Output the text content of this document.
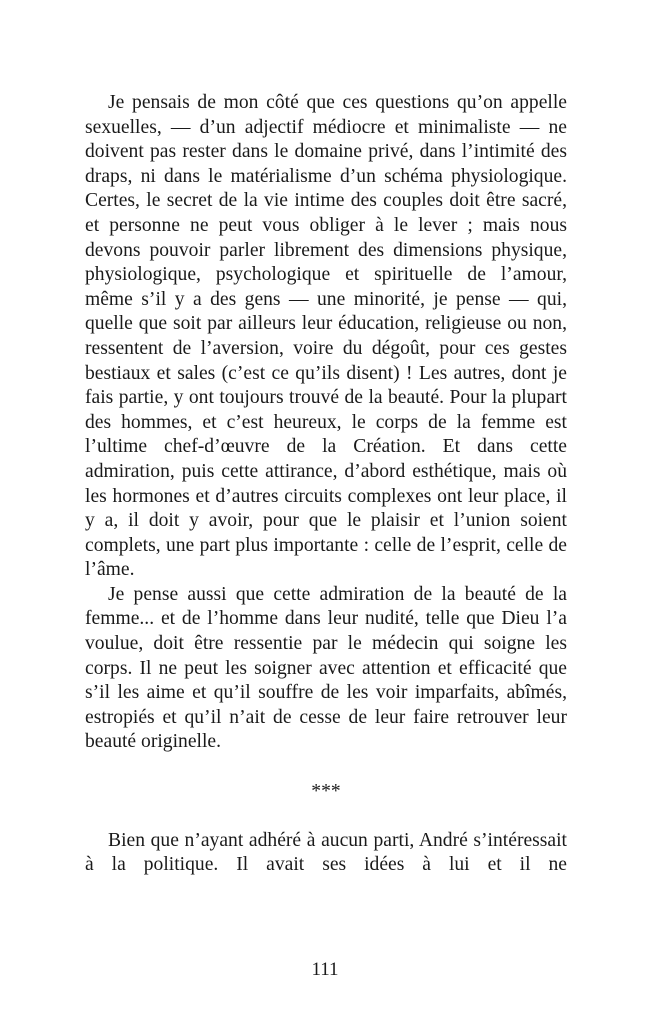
Je pensais de mon côté que ces questions qu’on appelle sexuelles, — d’un adjectif médiocre et minimaliste — ne doivent pas rester dans le domaine privé, dans l’intimité des draps, ni dans le matérialisme d’un schéma physiologique. Certes, le secret de la vie intime des couples doit être sacré, et personne ne peut vous obliger à le lever ; mais nous devons pouvoir parler librement des dimensions physique, physiologique, psychologique et spirituelle de l’amour, même s’il y a des gens — une minorité, je pense — qui, quelle que soit par ailleurs leur éducation, religieuse ou non, ressentent de l’aversion, voire du dégoût, pour ces gestes bestiaux et sales (c’est ce qu’ils disent) ! Les autres, dont je fais partie, y ont toujours trouvé de la beauté. Pour la plupart des hommes, et c’est heureux, le corps de la femme est l’ultime chef-d’œuvre de la Création. Et dans cette admiration, puis cette attirance, d’abord esthétique, mais où les hormones et d’autres circuits complexes ont leur place, il y a, il doit y avoir, pour que le plaisir et l’union soient complets, une part plus importante : celle de l’esprit, celle de l’âme.

Je pense aussi que cette admiration de la beauté de la femme... et de l’homme dans leur nudité, telle que Dieu l’a voulue, doit être ressentie par le médecin qui soigne les corps. Il ne peut les soigner avec attention et efficacité que s’il les aime et qu’il souffre de les voir imparfaits, abîmés, estropiés et qu’il n’ait de cesse de leur faire retrouver leur beauté originelle.

***

Bien que n’ayant adhéré à aucun parti, André s’intéressait à la politique. Il avait ses idées à lui et il ne

111
